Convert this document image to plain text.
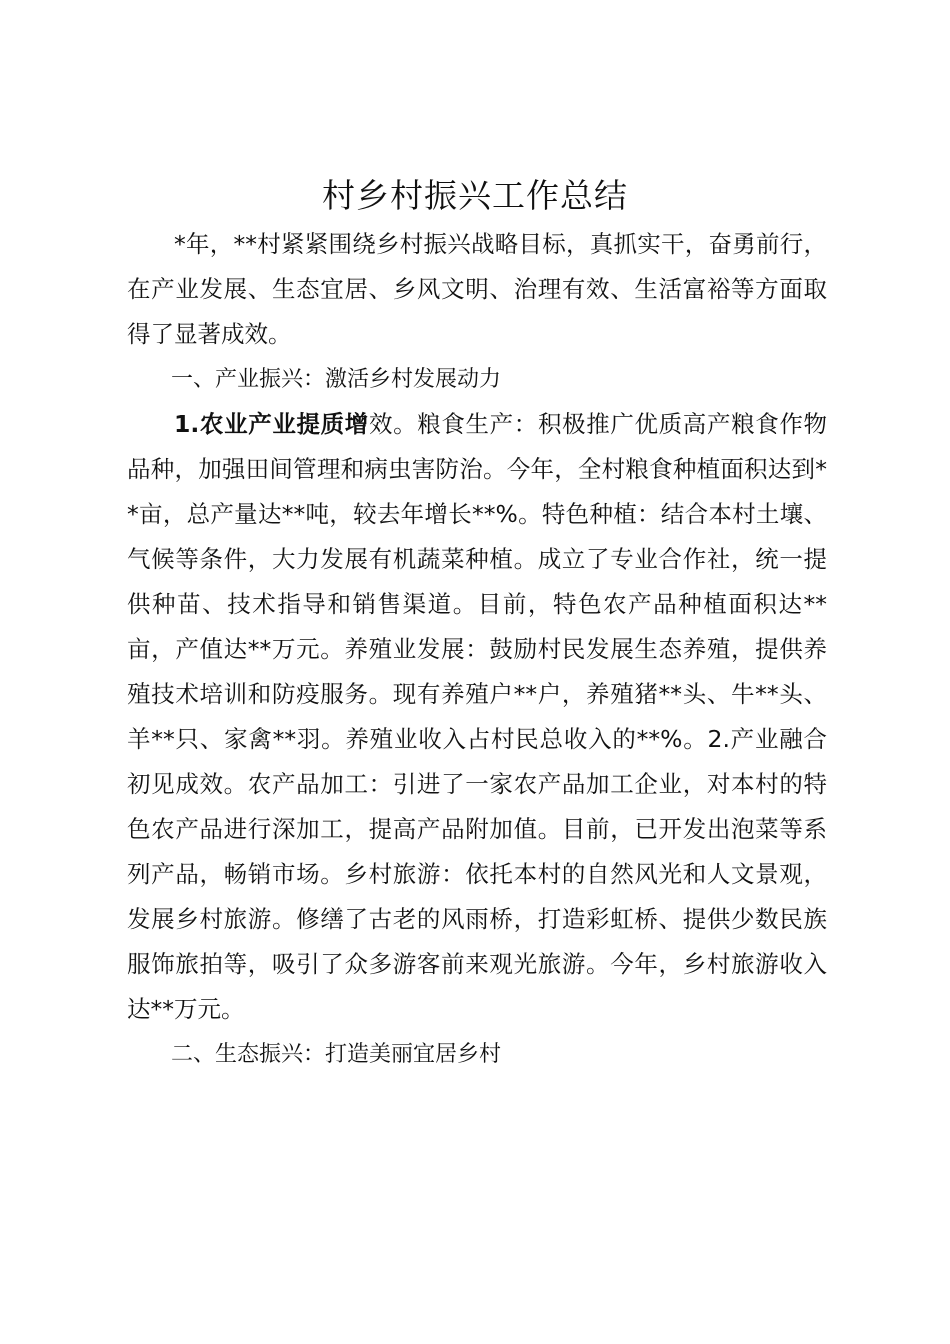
村乡村振兴工作总结

*年，**村紧紧围绕乡村振兴战略目标，真抓实干，奋勇前行，在产业发展、生态宜居、乡风文明、治理有效、生活富裕等方面取得了显著成效。

一、产业振兴：激活乡村发展动力

1.农业产业提质增效。粮食生产：积极推广优质高产粮食作物品种，加强田间管理和病虫害防治。今年，全村粮食种植面积达到**亩，总产量达**吨，较去年增长**%。特色种植：结合本村土壤、气候等条件，大力发展有机蔬菜种植。成立了专业合作社，统一提供种苗、技术指导和销售渠道。目前，特色农产品种植面积达**亩，产值达**万元。养殖业发展：鼓励村民发展生态养殖，提供养殖技术培训和防疫服务。现有养殖户**户，养殖猪**头、牛**头、羊**只、家禽**羽。养殖业收入占村民总收入的**%。2.产业融合初见成效。农产品加工：引进了一家农产品加工企业，对本村的特色农产品进行深加工，提高产品附加值。目前，已开发出泡菜等系列产品，畅销市场。乡村旅游：依托本村的自然风光和人文景观，发展乡村旅游。修缮了古老的风雨桥，打造彩虹桥、提供少数民族服饰旅拍等，吸引了众多游客前来观光旅游。今年，乡村旅游收入达**万元。

二、生态振兴：打造美丽宜居乡村
